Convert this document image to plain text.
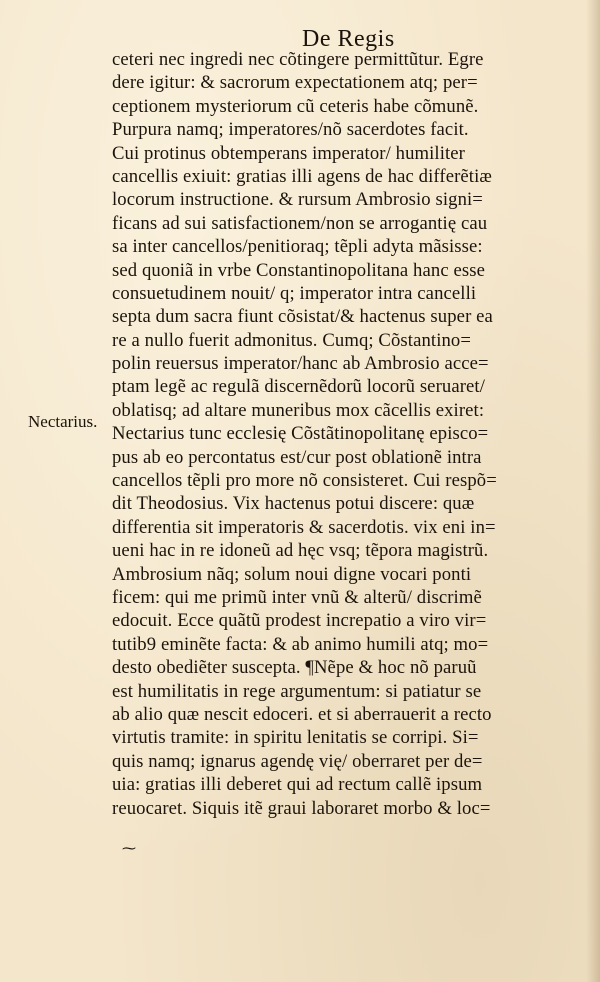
De Regis
Nectarius.
ceteri nec ingredi nec cõtingere permittũtur. Egre
dere igitur: & sacrorum expectationem atq; per=
ceptionem mysteriorum cũ ceteris habe cõmunẽ.
Purpura namq; imperatores/nõ sacerdotes facit.
Cui protinus obtemperans imperator/ humiliter
cancellis exiuit: gratias illi agens de hac differẽtiæ
locorum instructione. & rursum Ambrosio signi=
ficans ad sui satisfactionem/non se arrogantię cau
sa inter cancellos/penitioraq; tẽpli adyta mãsisse:
sed quoniã in vrbe Constantinopolitana hanc esse
consuetudinem nouit/ q; imperator intra cancelli
septa dum sacra fiunt cõsistat/& hactenus super ea
re a nullo fuerit admonitus. Cumq; Cõstantino=
polin reuersus imperator/hanc ab Ambrosio acce=
ptam legẽ ac regulã discernẽdorũ locorũ seruaret/
oblatisq; ad altare muneribus mox cãcellis exiret:
Nectarius tunc ecclesię Cõstãtinopolitanę episco=
pus ab eo percontatus est/cur post oblationẽ intra
cancellos tẽpli pro more nõ consisteret. Cui respõ=
dit Theodosius. Vix hactenus potui discere: quæ
differentia sit imperatoris & sacerdotis. vix eni in=
ueni hac in re idoneũ ad hęc vsq; tẽpora magistrũ.
Ambrosium nãq; solum noui digne vocari ponti
ficem: qui me primũ inter vnũ & alterũ/ discrimẽ
edocuit. Ecce quãtũ prodest increpatio a viro vir=
tutib9 eminẽte facta: & ab animo humili atq; mo=
desto obediẽter suscepta. ¶Nẽpe & hoc nõ paruũ
est humilitatis in rege argumentum: si patiatur se
ab alio quæ nescit edoceri. et si aberrauerit a recto
virtutis tramite: in spiritu lenitatis se corripi. Si=
quis namq; ignarus agendę vię/ oberraret per de=
uia: gratias illi deberet qui ad rectum callẽ ipsum
reuocaret. Siquis itẽ graui laboraret morbo & loc=
⁓
